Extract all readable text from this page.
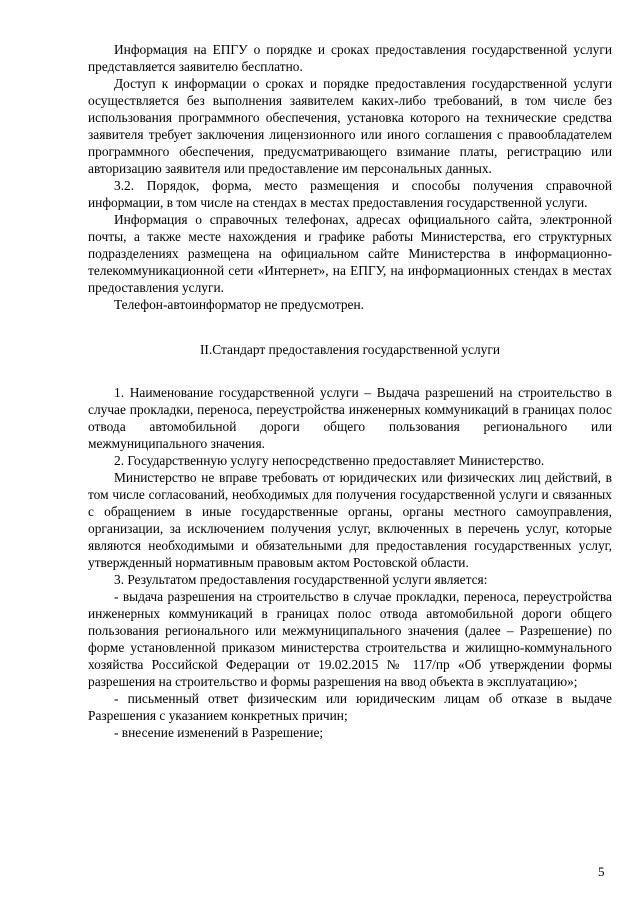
Информация на ЕПГУ о порядке и сроках предоставления государственной услуги представляется заявителю бесплатно.

Доступ к информации о сроках и порядке предоставления государственной услуги осуществляется без выполнения заявителем каких-либо требований, в том числе без использования программного обеспечения, установка которого на технические средства заявителя требует заключения лицензионного или иного соглашения с правообладателем программного обеспечения, предусматривающего взимание платы, регистрацию или авторизацию заявителя или предоставление им персональных данных.

3.2. Порядок, форма, место размещения и способы получения справочной информации, в том числе на стендах в местах предоставления государственной услуги.

Информация о справочных телефонах, адресах официального сайта, электронной почты, а также месте нахождения и графике работы Министерства, его структурных подразделениях размещена на официальном сайте Министерства в информационно-телекоммуникационной сети «Интернет», на ЕПГУ, на информационных стендах в местах предоставления услуги.

Телефон-автоинформатор не предусмотрен.

II.Стандарт предоставления государственной услуги

1. Наименование государственной услуги – Выдача разрешений на строительство в случае прокладки, переноса, переустройства инженерных коммуникаций в границах полос отвода автомобильной дороги общего пользования регионального или межмуниципального значения.

2. Государственную услугу непосредственно предоставляет Министерство.

Министерство не вправе требовать от юридических или физических лиц действий, в том числе согласований, необходимых для получения государственной услуги и связанных с обращением в иные государственные органы, органы местного самоуправления, организации, за исключением получения услуг, включенных в перечень услуг, которые являются необходимыми и обязательными для предоставления государственных услуг, утвержденный нормативным правовым актом Ростовской области.

3. Результатом предоставления государственной услуги является:

- выдача разрешения на строительство в случае прокладки, переноса, переустройства инженерных коммуникаций в границах полос отвода автомобильной дороги общего пользования регионального или межмуниципального значения (далее – Разрешение) по форме установленной приказом министерства строительства и жилищно-коммунального хозяйства Российской Федерации от 19.02.2015 № 117/пр «Об утверждении формы разрешения на строительство и формы разрешения на ввод объекта в эксплуатацию»;

- письменный ответ физическим или юридическим лицам об отказе в выдаче Разрешения с указанием конкретных причин;

- внесение изменений в Разрешение;

5
